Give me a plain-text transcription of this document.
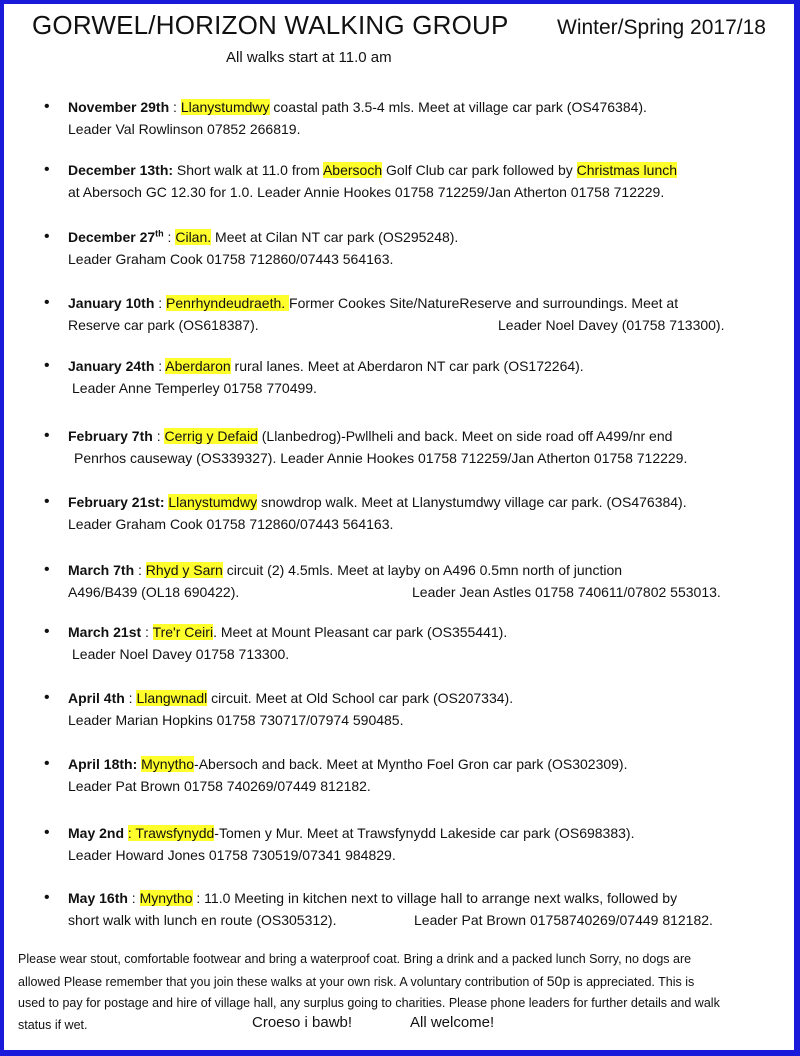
GORWEL/HORIZON WALKING GROUP Winter/Spring 2017/18
All walks start at 11.0 am
• November 29th : Llanystumdwy coastal path 3.5-4 mls. Meet at village car park (OS476384).
Leader Val Rowlinson 07852 266819.
• December 13th: Short walk at 11.0 from Abersoch Golf Club car park followed by Christmas lunch
at Abersoch GC 12.30 for 1.0. Leader Annie Hookes 01758 712259/Jan Atherton 01758 712229.
• December 27th : Cilan. Meet at Cilan NT car park (OS295248).
Leader Graham Cook 01758 712860/07443 564163.
• January 10th : Penrhyndeudraeth. Former Cookes Site/NatureReserve and surroundings. Meet at
Reserve car park (OS618387).	Leader Noel Davey (01758 713300).
• January 24th : Aberdaron rural lanes. Meet at Aberdaron NT car park (OS172264).
Leader Anne Temperley 01758 770499.
• February 7th : Cerrig y Defaid (Llanbedrog)-Pwllheli and back. Meet on side road off A499/nr end
Penrhos causeway (OS339327). Leader Annie Hookes 01758 712259/Jan Atherton 01758 712229.
• February 21st: Llanystumdwy snowdrop walk. Meet at Llanystumdwy village car park. (OS476384).
Leader Graham Cook 01758 712860/07443 564163.
• March 7th : Rhyd y Sarn circuit (2) 4.5mls. Meet at layby on A496 0.5mn north of junction
A496/B439 (OL18 690422).	Leader Jean Astles 01758 740611/07802 553013.
• March 21st : Tre'r Ceiri. Meet at Mount Pleasant car park (OS355441).
Leader Noel Davey 01758 713300.
• April 4th : Llangwnadl circuit. Meet at Old School car park (OS207334).
Leader Marian Hopkins 01758 730717/07974 590485.
• April 18th: Mynytho-Abersoch and back. Meet at Myntho Foel Gron car park (OS302309).
Leader Pat Brown 01758 740269/07449 812182.
• May 2nd : Trawsfynydd-Tomen y Mur. Meet at Trawsfynydd Lakeside car park (OS698383).
Leader Howard Jones 01758 730519/07341 984829.
• May 16th : Mynytho : 11.0 Meeting in kitchen next to village hall to arrange next walks, followed by
short walk with lunch en route (OS305312).	Leader Pat Brown 01758740269/07449 812182.
Please wear stout, comfortable footwear and bring a waterproof coat. Bring a drink and a packed lunch Sorry, no dogs are
allowed Please remember that you join these walks at your own risk. A voluntary contribution of 50p is appreciated. This is
used to pay for postage and hire of village hall, any surplus going to charities. Please phone leaders for further details and walk
status if wet.	Croeso i bawb!	All welcome!
